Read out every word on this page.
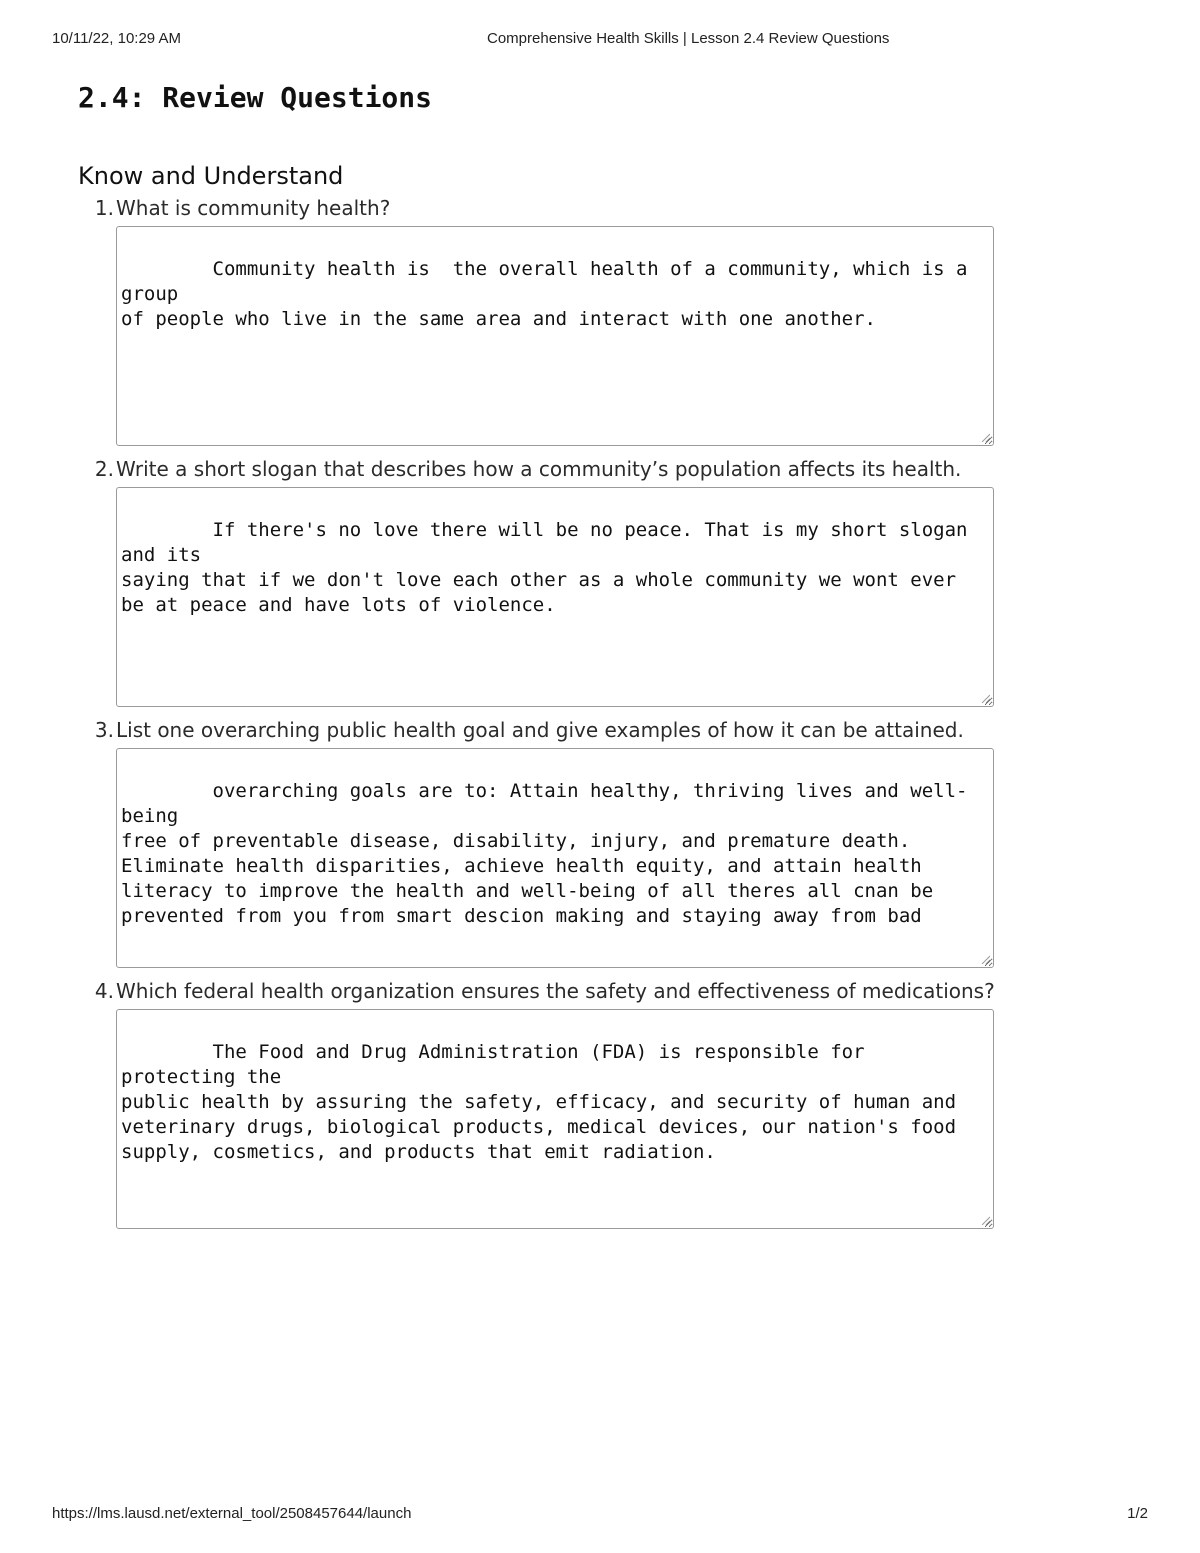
10/11/22, 10:29 AM	Comprehensive Health Skills | Lesson 2.4 Review Questions
2.4: Review Questions
Know and Understand
1. What is community health?

Community health is  the overall health of a community, which is a group
of people who live in the same area and interact with one another.

2. Write a short slogan that describes how a community’s population affects its health.

If there's no love there will be no peace. That is my short slogan and its
saying that if we don't love each other as a whole community we wont ever
be at peace and have lots of violence.

3. List one overarching public health goal and give examples of how it can be attained.

overarching goals are to: Attain healthy, thriving lives and well-being
free of preventable disease, disability, injury, and premature death.
Eliminate health disparities, achieve health equity, and attain health
literacy to improve the health and well-being of all theres all cnan be
prevented from you from smart descion making and staying away from bad

4. Which federal health organization ensures the safety and effectiveness of medications?

The Food and Drug Administration (FDA) is responsible for protecting the
public health by assuring the safety, efficacy, and security of human and
veterinary drugs, biological products, medical devices, our nation's food
supply, cosmetics, and products that emit radiation.

https://lms.lausd.net/external_tool/2508457644/launch	1/2
